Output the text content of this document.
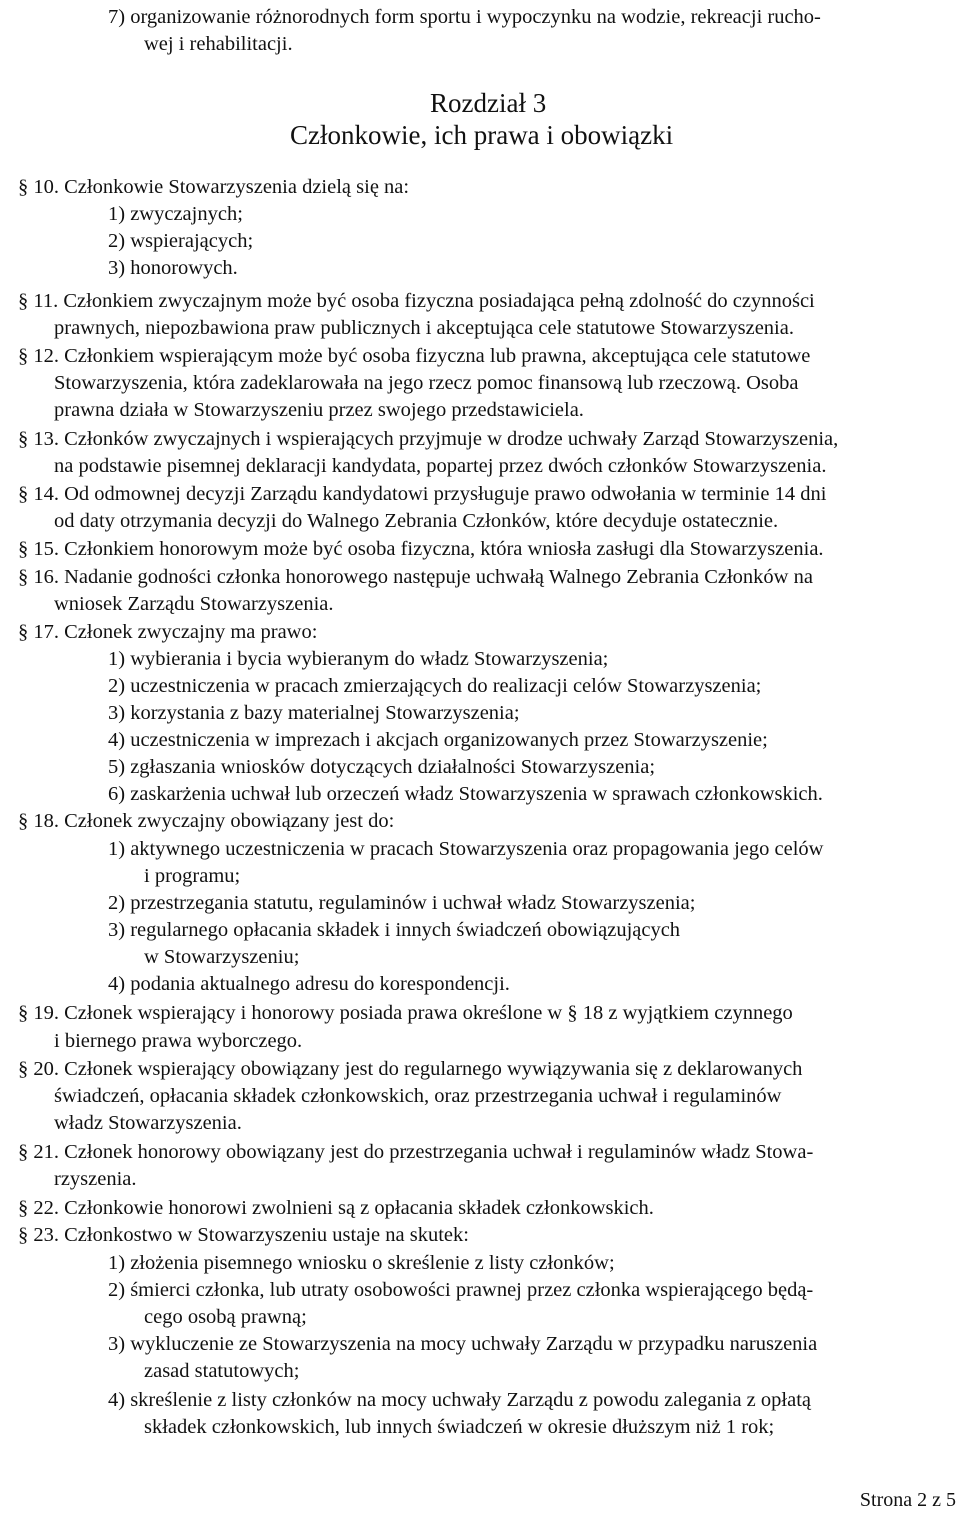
7) organizowanie różnorodnych form sportu i wypoczynku na wodzie, rekreacji rucho-

wej i rehabilitacji.

Rozdział 3

Członkowie, ich prawa i obowiązki

§ 10. Członkowie Stowarzyszenia dzielą się na:

1) zwyczajnych;

2) wspierających;

3) honorowych.

§ 11. Członkiem zwyczajnym może być osoba fizyczna posiadająca pełną zdolność do czynności

prawnych, niepozbawiona praw publicznych i akceptująca cele statutowe Stowarzyszenia.

§ 12. Członkiem wspierającym może być osoba fizyczna lub prawna, akceptująca cele statutowe

Stowarzyszenia, która zadeklarowała na jego rzecz pomoc finansową lub rzeczową. Osoba

prawna działa w Stowarzyszeniu przez swojego przedstawiciela.

§ 13. Członków zwyczajnych i wspierających przyjmuje w drodze uchwały Zarząd Stowarzyszenia,

na podstawie pisemnej deklaracji kandydata, popartej przez dwóch członków Stowarzyszenia.

§ 14. Od odmownej decyzji Zarządu kandydatowi przysługuje prawo odwołania w terminie 14 dni

od daty otrzymania decyzji do Walnego Zebrania Członków, które decyduje ostatecznie.

§ 15. Członkiem honorowym może być osoba fizyczna, która wniosła zasługi dla Stowarzyszenia.

§ 16. Nadanie godności członka honorowego następuje uchwałą Walnego Zebrania Członków na

wniosek Zarządu Stowarzyszenia.

§ 17. Członek zwyczajny ma prawo:

1) wybierania i bycia wybieranym do władz Stowarzyszenia;

2) uczestniczenia w pracach zmierzających do realizacji celów Stowarzyszenia;

3) korzystania z bazy materialnej Stowarzyszenia;

4) uczestniczenia w imprezach i akcjach organizowanych przez Stowarzyszenie;

5) zgłaszania wniosków dotyczących działalności Stowarzyszenia;

6) zaskarżenia uchwał lub orzeczeń władz Stowarzyszenia w sprawach członkowskich.

§ 18. Członek zwyczajny obowiązany jest do:

1) aktywnego uczestniczenia w pracach Stowarzyszenia oraz propagowania jego celów

i programu;

2) przestrzegania statutu, regulaminów i uchwał władz Stowarzyszenia;

3) regularnego opłacania składek i innych świadczeń obowiązujących

w Stowarzyszeniu;

4) podania aktualnego adresu do korespondencji.

§ 19. Członek wspierający i honorowy posiada prawa określone w § 18 z wyjątkiem czynnego

i biernego prawa wyborczego.

§ 20. Członek wspierający obowiązany jest do regularnego wywiązywania się z deklarowanych

świadczeń, opłacania składek członkowskich, oraz przestrzegania uchwał i regulaminów

władz Stowarzyszenia.

§ 21. Członek honorowy obowiązany jest do przestrzegania uchwał i regulaminów władz Stowa-

rzyszenia.

§ 22. Członkowie honorowi zwolnieni są z opłacania składek członkowskich.

§ 23. Członkostwo w Stowarzyszeniu ustaje na skutek:

1) złożenia pisemnego wniosku o skreślenie z listy członków;

2) śmierci członka, lub utraty osobowości prawnej przez członka wspierającego będą-

cego osobą prawną;

3) wykluczenie ze Stowarzyszenia na mocy uchwały Zarządu w przypadku naruszenia

zasad statutowych;

4) skreślenie z listy członków na mocy uchwały Zarządu z powodu zalegania z opłatą

składek członkowskich, lub innych świadczeń w okresie dłuższym niż 1 rok;

Strona 2 z 5
